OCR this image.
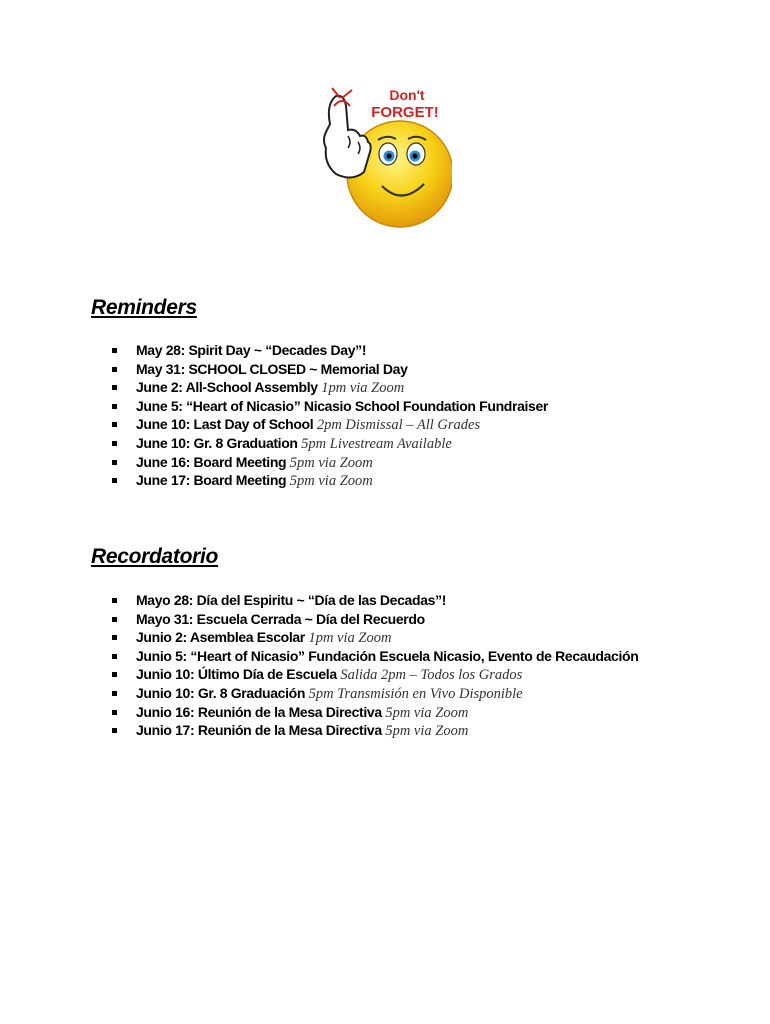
Don't
FORGET!
Reminders
May 28: Spirit Day ~ “Decades Day”!
May 31: SCHOOL CLOSED ~ Memorial Day
June 2: All-School Assembly 1pm via Zoom
June 5: “Heart of Nicasio” Nicasio School Foundation Fundraiser
June 10: Last Day of School 2pm Dismissal – All Grades
June 10: Gr. 8 Graduation 5pm Livestream Available
June 16: Board Meeting 5pm via Zoom
June 17: Board Meeting 5pm via Zoom
Recordatorio
Mayo 28: Día del Espiritu ~ “Día de las Decadas”!
Mayo 31: Escuela Cerrada ~ Día del Recuerdo
Junio 2: Asemblea Escolar 1pm via Zoom
Junio 5: “Heart of Nicasio” Fundación Escuela Nicasio, Evento de Recaudación
Junio 10: Último Día de Escuela Salida 2pm – Todos los Grados
Junio 10: Gr. 8 Graduación 5pm Transmisión en Vivo Disponible
Junio 16: Reunión de la Mesa Directiva 5pm via Zoom
Junio 17: Reunión de la Mesa Directiva 5pm via Zoom
